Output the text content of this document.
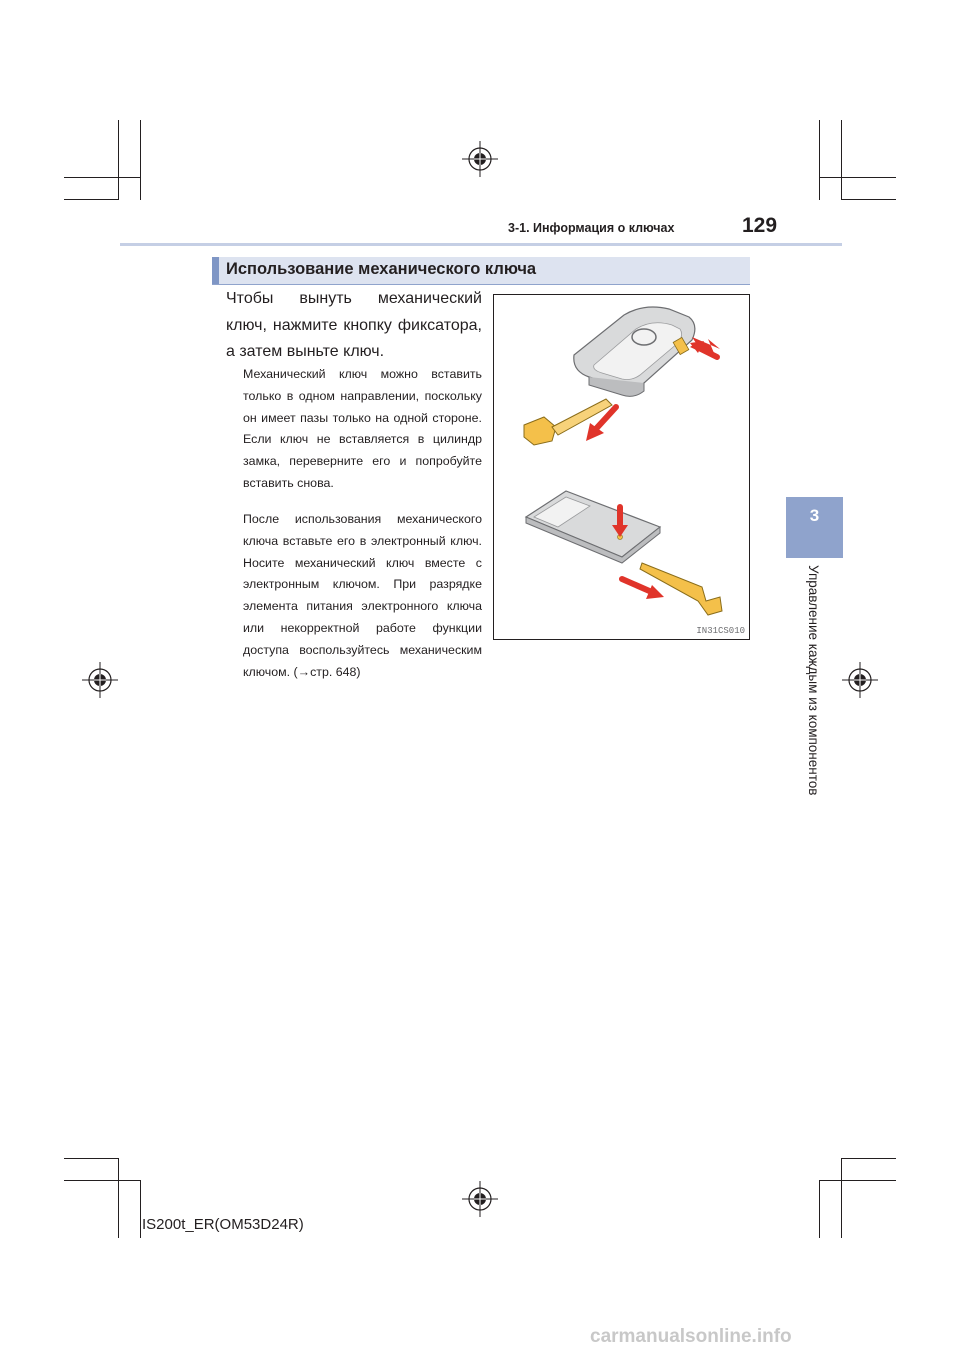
3-1. Информация о ключах	129
Использование механического ключа
Чтобы вынуть механический ключ, нажмите кнопку фиксатора, а затем выньте ключ.
Механический ключ можно вставить только в одном направлении, поскольку он имеет пазы только на одной стороне. Если ключ не вставляется в цилиндр замка, переверните его и попробуйте вставить снова.
После использования механического ключа вставьте его в электронный ключ. Носите механический ключ вместе с электронным ключом. При разрядке элемента питания электронного ключа или некорректной работе функции доступа воспользуйтесь механическим ключом. (→стр. 648)
IN31CS010
3
Управление каждым из компонентов
IS200t_ER(OM53D24R)
carmanualsonline.info
